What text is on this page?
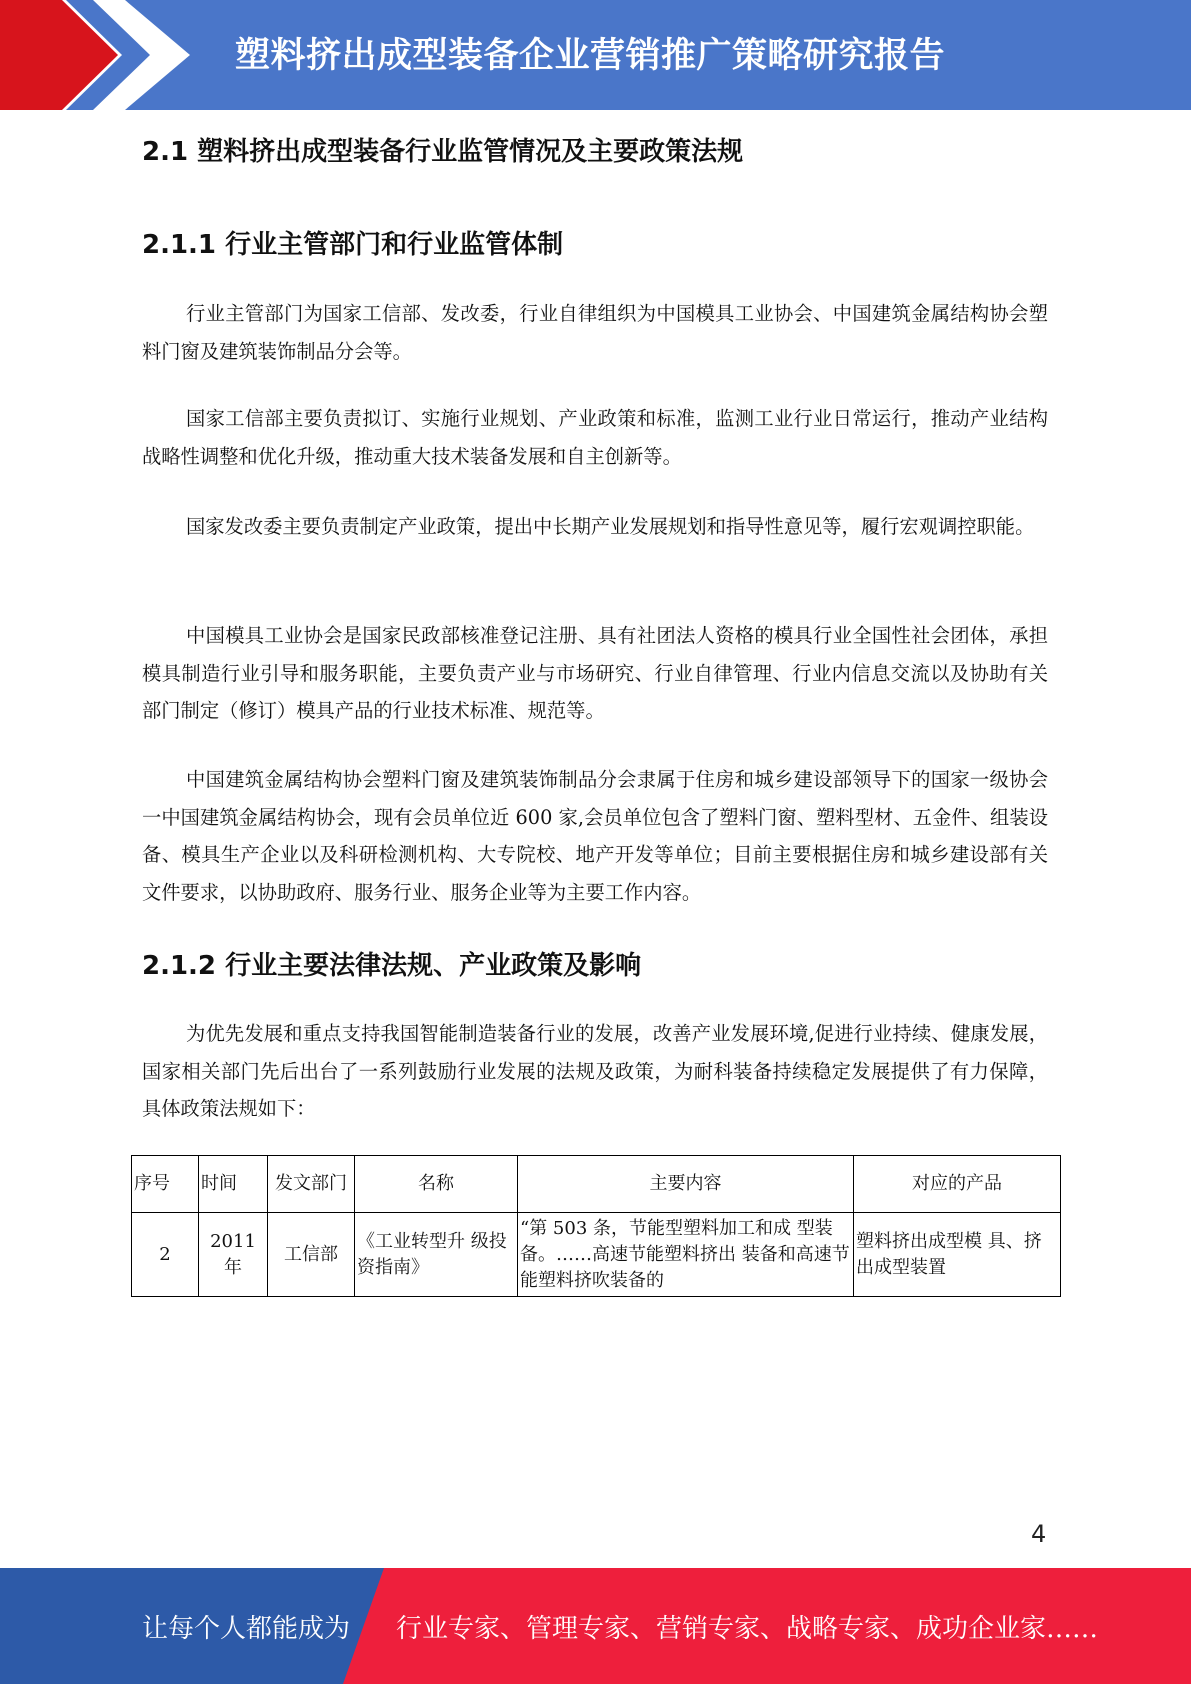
塑料挤出成型装备企业营销推广策略研究报告
2.1 塑料挤出成型装备行业监管情况及主要政策法规
2.1.1 行业主管部门和行业监管体制

行业主管部门为国家工信部、发改委，行业自律组织为中国模具工业协会、中国建筑金属结构协会塑料门窗及建筑装饰制品分会等。

国家工信部主要负责拟订、实施行业规划、产业政策和标准，监测工业行业日常运行，推动产业结构战略性调整和优化升级，推动重大技术装备发展和自主创新等。

国家发改委主要负责制定产业政策，提出中长期产业发展规划和指导性意见等，履行宏观调控职能。

中国模具工业协会是国家民政部核准登记注册、具有社团法人资格的模具行业全国性社会团体，承担模具制造行业引导和服务职能，主要负责产业与市场研究、行业自律管理、行业内信息交流以及协助有关部门制定（修订）模具产品的行业技术标准、规范等。

中国建筑金属结构协会塑料门窗及建筑装饰制品分会隶属于住房和城乡建设部领导下的国家一级协会一中国建筑金属结构协会，现有会员单位近 600 家,会员单位包含了塑料门窗、塑料型材、五金件、组装设备、模具生产企业以及科研检测机构、大专院校、地产开发等单位；目前主要根据住房和城乡建设部有关文件要求，以协助政府、服务行业、服务企业等为主要工作内容。

2.1.2 行业主要法律法规、产业政策及影响

为优先发展和重点支持我国智能制造装备行业的发展，改善产业发展环境,促进行业持续、健康发展，国家相关部门先后出台了一系列鼓励行业发展的法规及政策，为耐科装备持续稳定发展提供了有力保障，具体政策法规如下：

序号	时间	发文部门	名称	主要内容	对应的产品
2	2011 年	工信部	《工业转型升 级投资指南》	“第 503 条，节能型塑料加工和成 型装备。……高速节能塑料挤出 装备和高速节能塑料挤吹装备的	塑料挤出成型模 具、挤出成型装置
4
让每个人都能成为 行业专家、管理专家、营销专家、战略专家、成功企业家……
